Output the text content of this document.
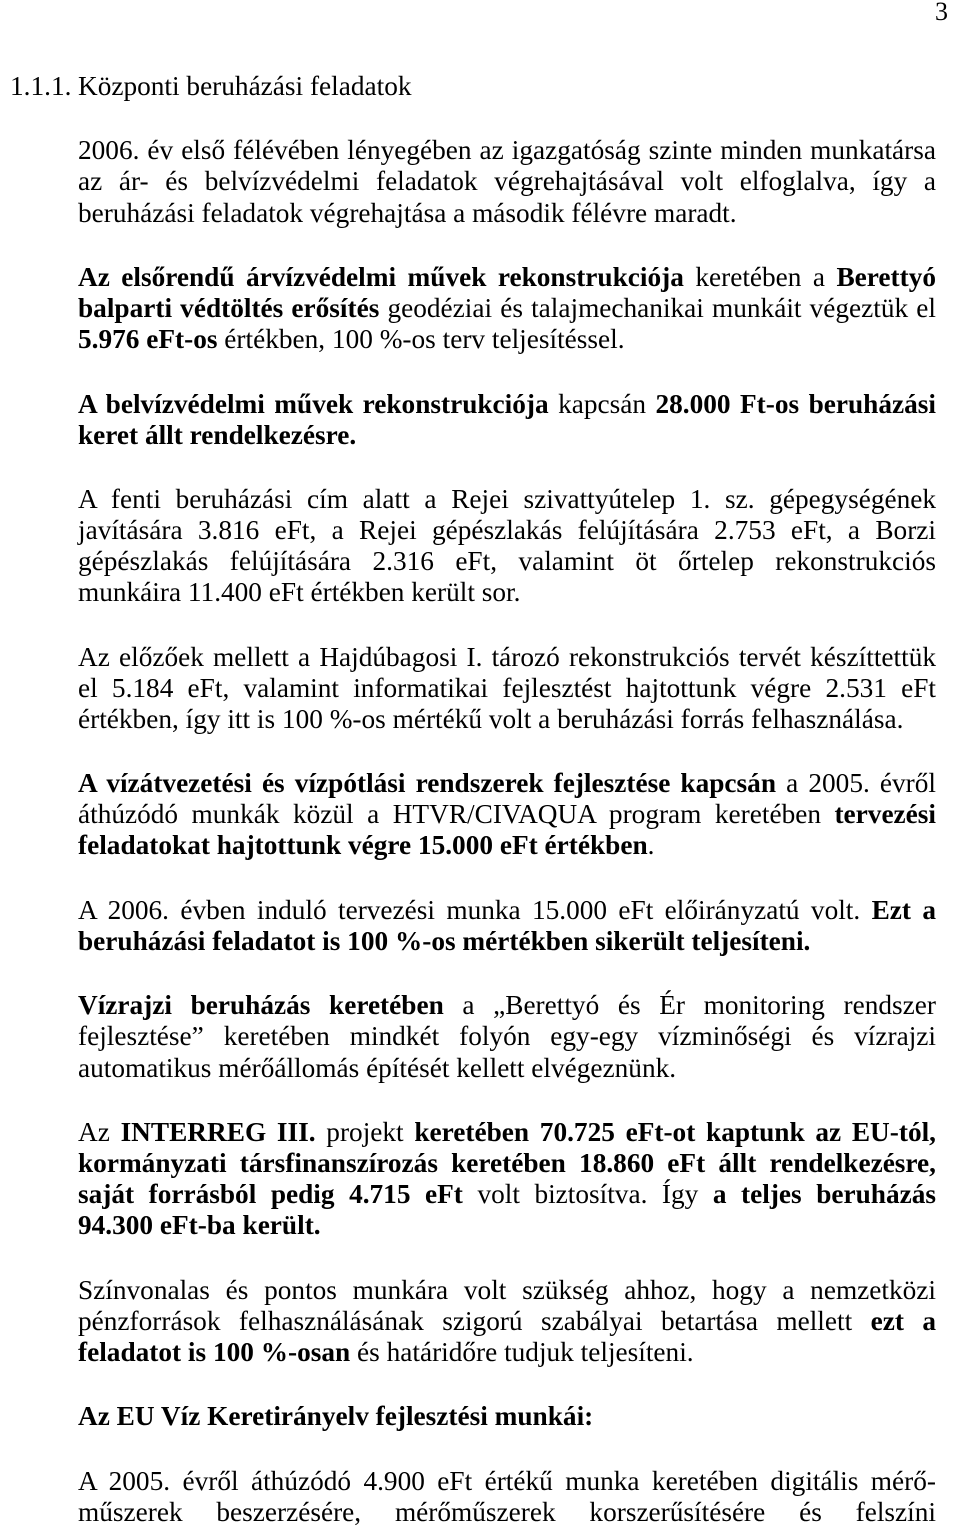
3
1.1.1. Központi beruházási feladatok
2006. év első félévében lényegében az igazgatóság szinte minden munkatársa
az ár- és belvízvédelmi feladatok végrehajtásával volt elfoglalva, így a
beruházási feladatok végrehajtása a második félévre maradt.
Az elsőrendű árvízvédelmi művek rekonstrukciója keretében a Berettyó
balparti védtöltés erősítés geodéziai és talajmechanikai munkáit végeztük el
5.976 eFt-os értékben, 100 %-os terv teljesítéssel.
A belvízvédelmi művek rekonstrukciója kapcsán 28.000 Ft-os beruházási
keret állt rendelkezésre.
A fenti beruházási cím alatt a Rejei szivattyútelep 1. sz. gépegységének
javítására 3.816 eFt, a Rejei gépészlakás felújítására 2.753 eFt, a Borzi
gépészlakás felújítására 2.316 eFt, valamint öt őrtelep rekonstrukciós
munkáira 11.400 eFt értékben került sor.
Az előzőek mellett a Hajdúbagosi I. tározó rekonstrukciós tervét készíttettük
el 5.184 eFt, valamint informatikai fejlesztést hajtottunk végre 2.531 eFt
értékben, így itt is 100 %-os mértékű volt a beruházási forrás felhasználása.
A vízátvezetési és vízpótlási rendszerek fejlesztése kapcsán a 2005. évről
áthúzódó munkák közül a HTVR/CIVAQUA program keretében tervezési
feladatokat hajtottunk végre 15.000 eFt értékben.
A 2006. évben induló tervezési munka 15.000 eFt előirányzatú volt. Ezt a
beruházási feladatot is 100 %-os mértékben sikerült teljesíteni.
Vízrajzi beruházás keretében a „Berettyó és Ér monitoring rendszer
fejlesztése” keretében mindkét folyón egy-egy vízminőségi és vízrajzi
automatikus mérőállomás építését kellett elvégeznünk.
Az INTERREG III. projekt keretében 70.725 eFt-ot kaptunk az EU-tól,
kormányzati társfinanszírozás keretében 18.860 eFt állt rendelkezésre,
saját forrásból pedig 4.715 eFt volt biztosítva. Így a teljes beruházás
94.300 eFt-ba került.
Színvonalas és pontos munkára volt szükség ahhoz, hogy a nemzetközi
pénzforrások felhasználásának szigorú szabályai betartása mellett ezt a
feladatot is 100 %-osan és határidőre tudjuk teljesíteni.
Az EU Víz Keretirányelv fejlesztési munkái:
A 2005. évről áthúzódó 4.900 eFt értékű munka keretében digitális mérő-
műszerek beszerzésére, mérőműszerek korszerűsítésére és felszíni
